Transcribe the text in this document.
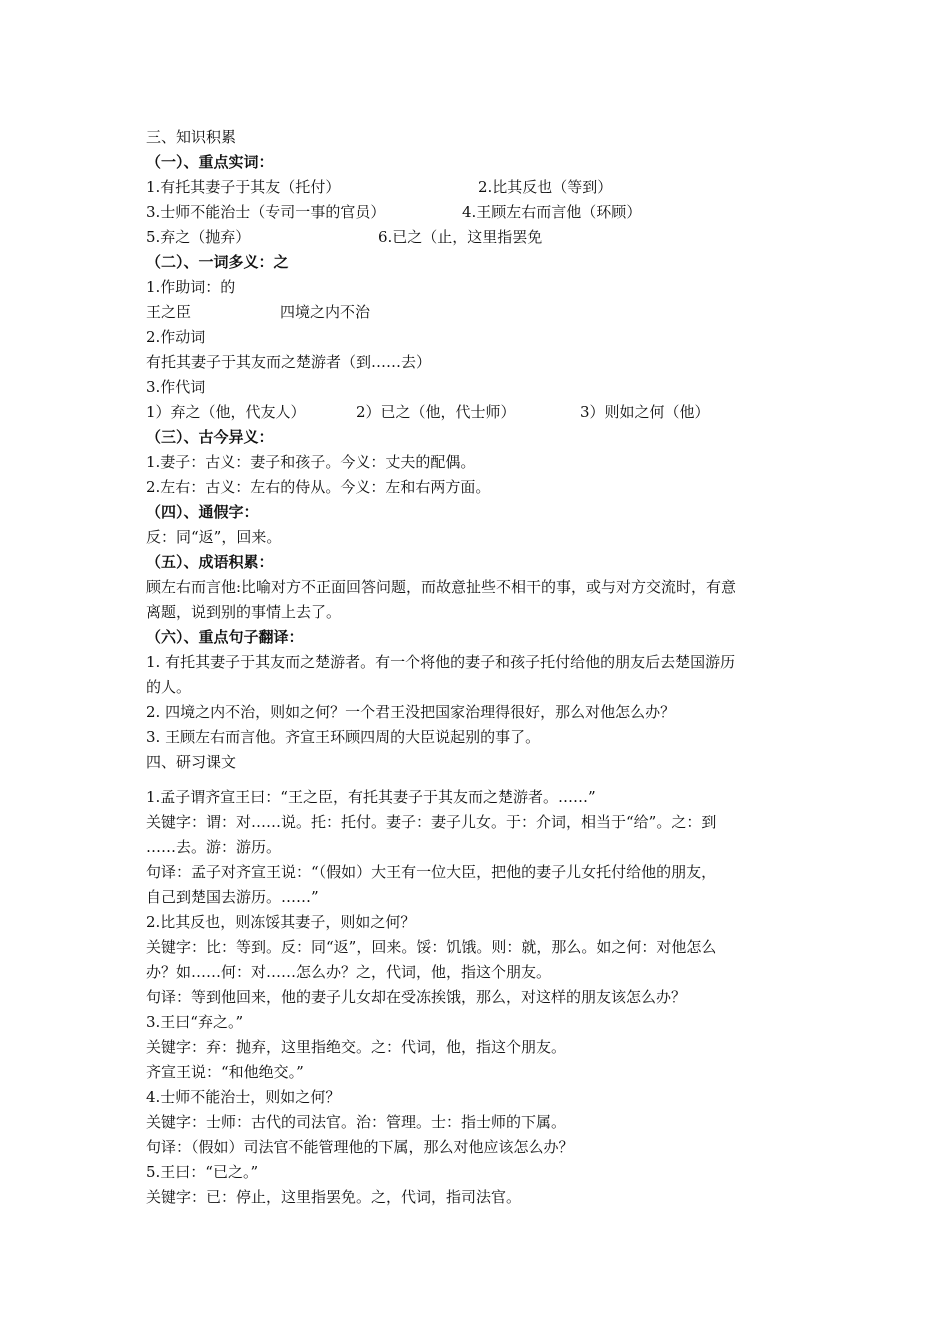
三、知识积累
（一）、重点实词：
1.有托其妻子于其友（托付）	2.比其反也（等到）
3.士师不能治士（专司一事的官员）	4.王顾左右而言他（环顾）
5.弃之（抛弃）	6.已之（止，这里指罢免
（二）、一词多义：之
1.作助词：的
王之臣	四境之内不治
2.作动词
有托其妻子于其友而之楚游者（到……去）
3.作代词
1）弃之（他，代友人）	2）已之（他，代士师）	3）则如之何（他）
（三）、古今异义：
1.妻子：古义：妻子和孩子。今义：丈夫的配偶。
2.左右：古义：左右的侍从。今义：左和右两方面。
（四）、通假字：
反：同“返”，回来。
（五）、成语积累：
顾左右而言他:比喻对方不正面回答问题，而故意扯些不相干的事，或与对方交流时，有意
离题，说到别的事情上去了。
（六）、重点句子翻译：
1. 有托其妻子于其友而之楚游者。有一个将他的妻子和孩子托付给他的朋友后去楚国游历
的人。
2. 四境之内不治，则如之何？一个君王没把国家治理得很好，那么对他怎么办？
3. 王顾左右而言他。齐宣王环顾四周的大臣说起别的事了。
四、研习课文
1.孟子谓齐宣王曰：“王之臣，有托其妻子于其友而之楚游者。……”
关键字：谓：对……说。托：托付。妻子：妻子儿女。于：介词，相当于“给”。之：到
……去。游：游历。
句译：孟子对齐宣王说：“（假如）大王有一位大臣，把他的妻子儿女托付给他的朋友，
自己到楚国去游历。……”
2.比其反也，则冻馁其妻子，则如之何？
关键字：比：等到。反：同“返”，回来。馁：饥饿。则：就，那么。如之何：对他怎么
办？如……何：对……怎么办？之，代词，他，指这个朋友。
句译：等到他回来，他的妻子儿女却在受冻挨饿，那么，对这样的朋友该怎么办？
3.王曰“弃之。”
关键字：弃：抛弃，这里指绝交。之：代词，他，指这个朋友。
齐宣王说：“和他绝交。”
4.士师不能治士，则如之何？
关键字：士师：古代的司法官。治：管理。士：指士师的下属。
句译：（假如）司法官不能管理他的下属，那么对他应该怎么办？
5.王曰：“已之。”
关键字：已：停止，这里指罢免。之，代词，指司法官。
